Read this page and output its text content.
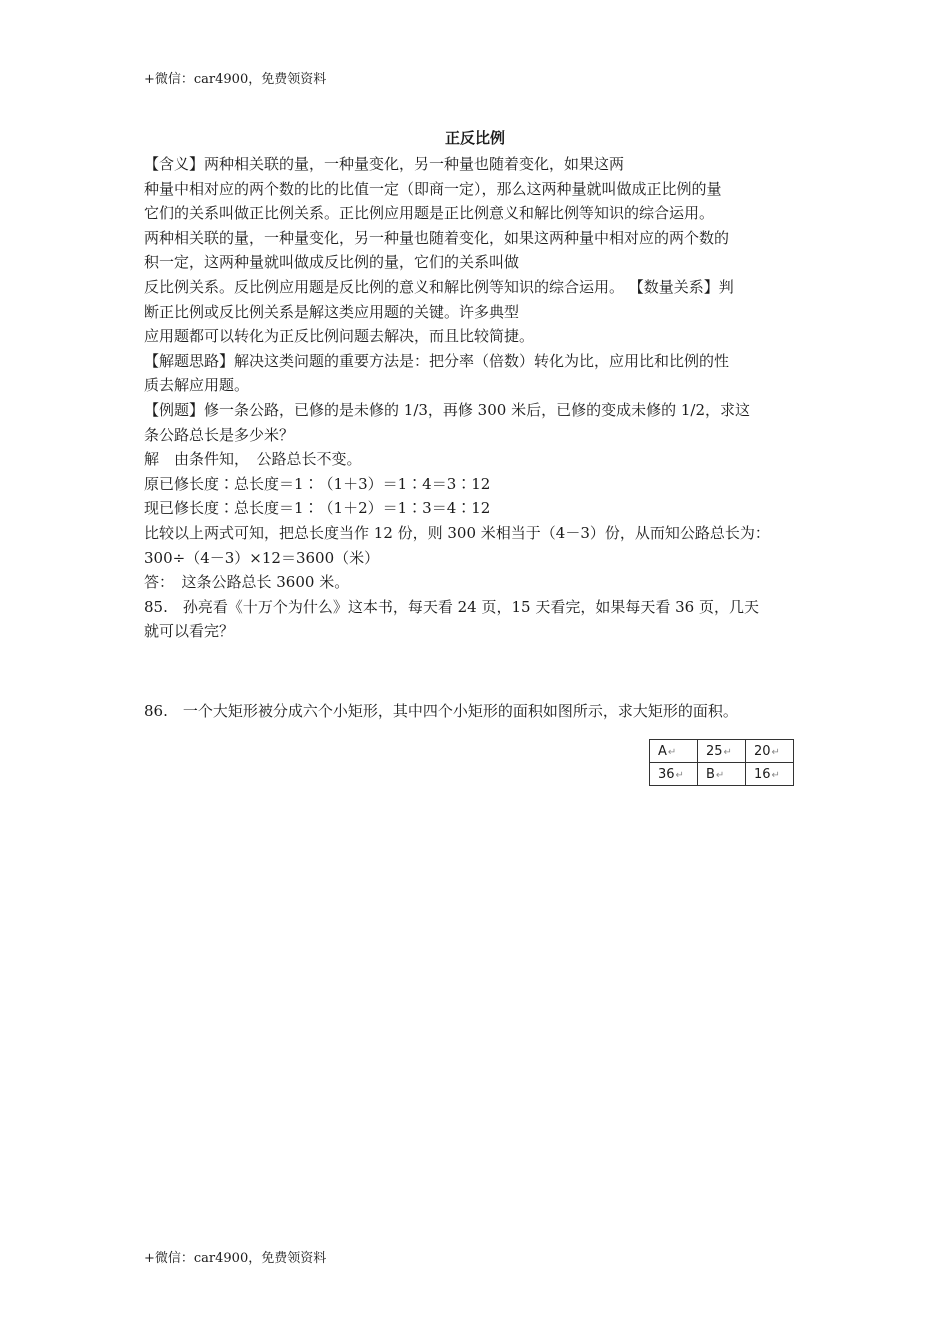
+微信：car4900，免费领资料
正反比例
【含义】两种相关联的量，一种量变化，另一种量也随着变化，如果这两
种量中相对应的两个数的比的比值一定（即商一定），那么这两种量就叫做成正比例的量
它们的关系叫做正比例关系。正比例应用题是正比例意义和解比例等知识的综合运用。
两种相关联的量，一种量变化，另一种量也随着变化，如果这两种量中相对应的两个数的
积一定，这两种量就叫做成反比例的量，它们的关系叫做
反比例关系。反比例应用题是反比例的意义和解比例等知识的综合运用。 【数量关系】判
断正比例或反比例关系是解这类应用题的关键。许多典型
应用题都可以转化为正反比例问题去解决，而且比较简捷。
【解题思路】解决这类问题的重要方法是：把分率（倍数）转化为比，应用比和比例的性
质去解应用题。
【例题】修一条公路，已修的是未修的 1/3，再修 300 米后，已修的变成未修的 1/2，求这
条公路总长是多少米？
解　由条件知，　公路总长不变。
原已修长度∶总长度＝1∶（1＋3）＝1∶4＝3∶12
现已修长度∶总长度＝1∶（1＋2）＝1∶3＝4∶12
比较以上两式可知，把总长度当作 12 份，则 300 米相当于（4－3）份，从而知公路总长为：
300÷（4－3）×12＝3600（米）
答：　这条公路总长 3600 米。
85.　孙亮看《十万个为什么》这本书，每天看 24 页，15 天看完，如果每天看 36 页，几天
就可以看完？
86.　一个大矩形被分成六个小矩形，其中四个小矩形的面积如图所示，求大矩形的面积。
A↵	25↵	20↵
36↵	B↵	16↵
+微信：car4900，免费领资料
